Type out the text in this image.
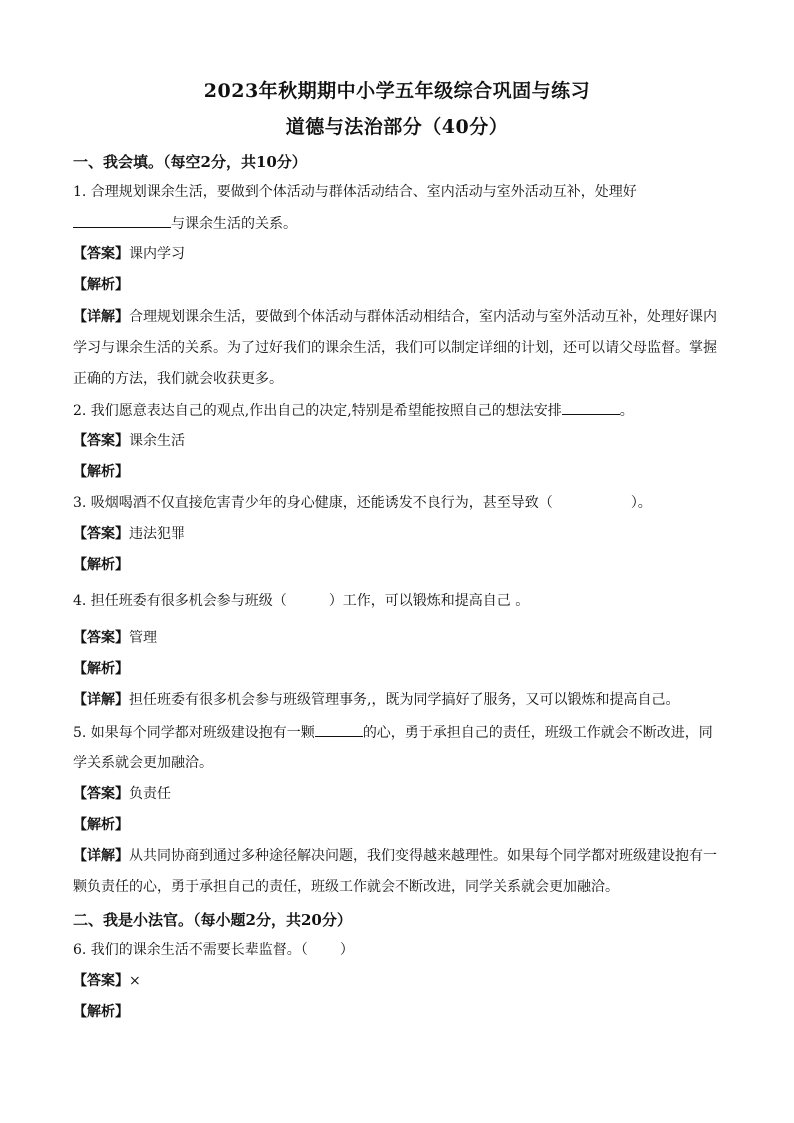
2023年秋期期中小学五年级综合巩固与练习
道德与法治部分（40分）
一、我会填。（每空2分，共10分）
1. 合理规划课余生活，要做到个体活动与群体活动结合、室内活动与室外活动互补，处理好
与课余生活的关系。
【答案】课内学习
【解析】
【详解】合理规划课余生活，要做到个体活动与群体活动相结合，室内活动与室外活动互补，处理好课内
学习与课余生活的关系。为了过好我们的课余生活，我们可以制定详细的计划，还可以请父母监督。掌握
正确的方法，我们就会收获更多。
2. 我们愿意表达自己的观点,作出自己的决定,特别是希望能按照自己的想法安排	。
【答案】课余生活
【解析】
3. 吸烟喝酒不仅直接危害青少年的身心健康，还能诱发不良行为，甚至导致（	）。
【答案】违法犯罪
【解析】
4. 担任班委有很多机会参与班级（	）工作，可以锻炼和提高自己 。
【答案】管理
【解析】
【详解】担任班委有很多机会参与班级管理事务,，既为同学搞好了服务，又可以锻炼和提高自己。
5. 如果每个同学都对班级建设抱有一颗	的心，勇于承担自己的责任，班级工作就会不断改进，同
学关系就会更加融洽。
【答案】负责任
【解析】
【详解】从共同协商到通过多种途径解决问题，我们变得越来越理性。如果每个同学都对班级建设抱有一
颗负责任的心，勇于承担自己的责任，班级工作就会不断改进，同学关系就会更加融洽。
二、我是小法官。（每小题2分，共20分）
6. 我们的课余生活不需要长辈监督。（ ）
【答案】×
【解析】
